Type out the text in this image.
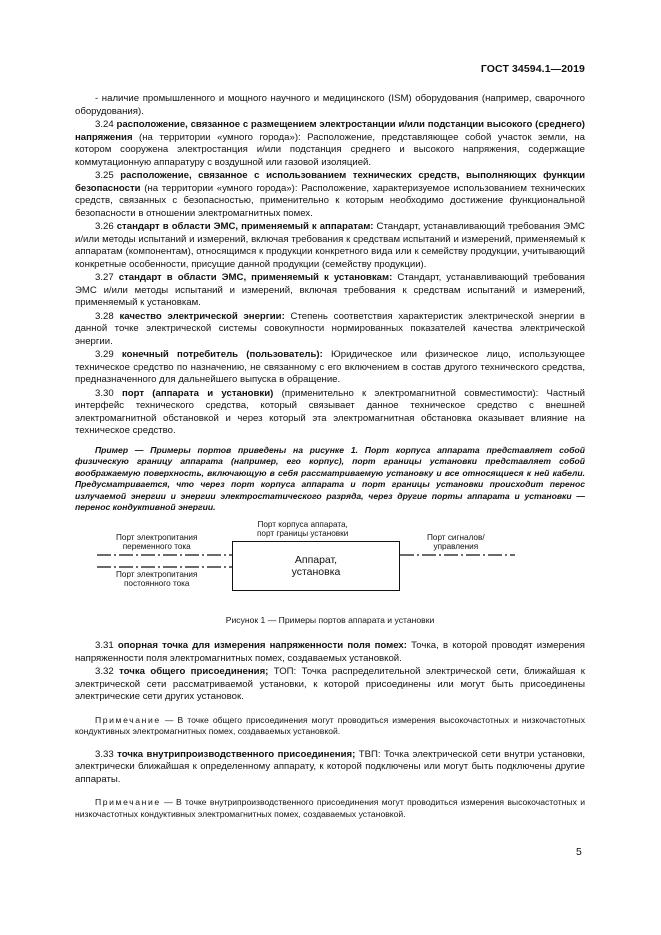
ГОСТ 34594.1—2019
- наличие промышленного и мощного научного и медицинского (ISM) оборудования (например, сварочного оборудования).
3.24 расположение, связанное с размещением электростанции и/или подстанции высокого (среднего) напряжения (на территории «умного города»): Расположение, представляющее собой участок земли, на котором сооружена электростанция и/или подстанция среднего и высокого напряжения, содержащие коммутационную аппаратуру с воздушной или газовой изоляцией.
3.25 расположение, связанное с использованием технических средств, выполняющих функции безопасности (на территории «умного города»): Расположение, характеризуемое использованием технических средств, связанных с безопасностью, применительно к которым необходимо достижение функциональной безопасности в отношении электромагнитных помех.
3.26 стандарт в области ЭМС, применяемый к аппаратам: Стандарт, устанавливающий требования ЭМС и/или методы испытаний и измерений, включая требования к средствам испытаний и измерений, применяемый к аппаратам (компонентам), относящимся к продукции конкретного вида или к семейству продукции, учитывающий конкретные особенности, присущие данной продукции (семейству продукции).
3.27 стандарт в области ЭМС, применяемый к установкам: Стандарт, устанавливающий требования ЭМС и/или методы испытаний и измерений, включая требования к средствам испытаний и измерений, применяемый к установкам.
3.28 качество электрической энергии: Степень соответствия характеристик электрической энергии в данной точке электрической системы совокупности нормированных показателей качества электрической энергии.
3.29 конечный потребитель (пользователь): Юридическое или физическое лицо, использующее техническое средство по назначению, не связанному с его включением в состав другого технического средства, предназначенного для дальнейшего выпуска в обращение.
3.30 порт (аппарата и установки) (применительно к электромагнитной совместимости): Частный интерфейс технического средства, который связывает данное техническое средство с внешней электромагнитной обстановкой и через который эта электромагнитная обстановка оказывает влияние на техническое средство.
Пример — Примеры портов приведены на рисунке 1. Порт корпуса аппарата представляет собой физическую границу аппарата (например, его корпус), порт границы установки представляет собой воображаемую поверхность, включающую в себя рассматриваемую установку и все относящиеся к ней кабели. Предусматривается, что через порт корпуса аппарата и порт границы установки происходит перенос излучаемой энергии и энергии электростатического разряда, через другие порты аппарата и установки — перенос кондуктивной энергии.
Порт корпуса аппарата,
порт границы установки
Порт электропитания
переменного тока
Порт электропитания
постоянного тока
Порт сигналов/
управления
Аппарат,
установка
Рисунок 1 — Примеры портов аппарата и установки
3.31 опорная точка для измерения напряженности поля помех: Точка, в которой проводят измерения напряженности поля электромагнитных помех, создаваемых установкой.
3.32 точка общего присоединения; ТОП: Точка распределительной электрической сети, ближайшая к электрической сети рассматриваемой установки, к которой присоединены или могут быть присоединены электрические сети других установок.
Примечание — В точке общего присоединения могут проводиться измерения высокочастотных и низкочастотных кондуктивных электромагнитных помех, создаваемых установкой.
3.33 точка внутрипроизводственного присоединения; ТВП: Точка электрической сети внутри установки, электрически ближайшая к определенному аппарату, к которой подключены или могут быть подключены другие аппараты.
Примечание — В точке внутрипроизводственного присоединения могут проводиться измерения высокочастотных и низкочастотных кондуктивных электромагнитных помех, создаваемых установкой.
5
